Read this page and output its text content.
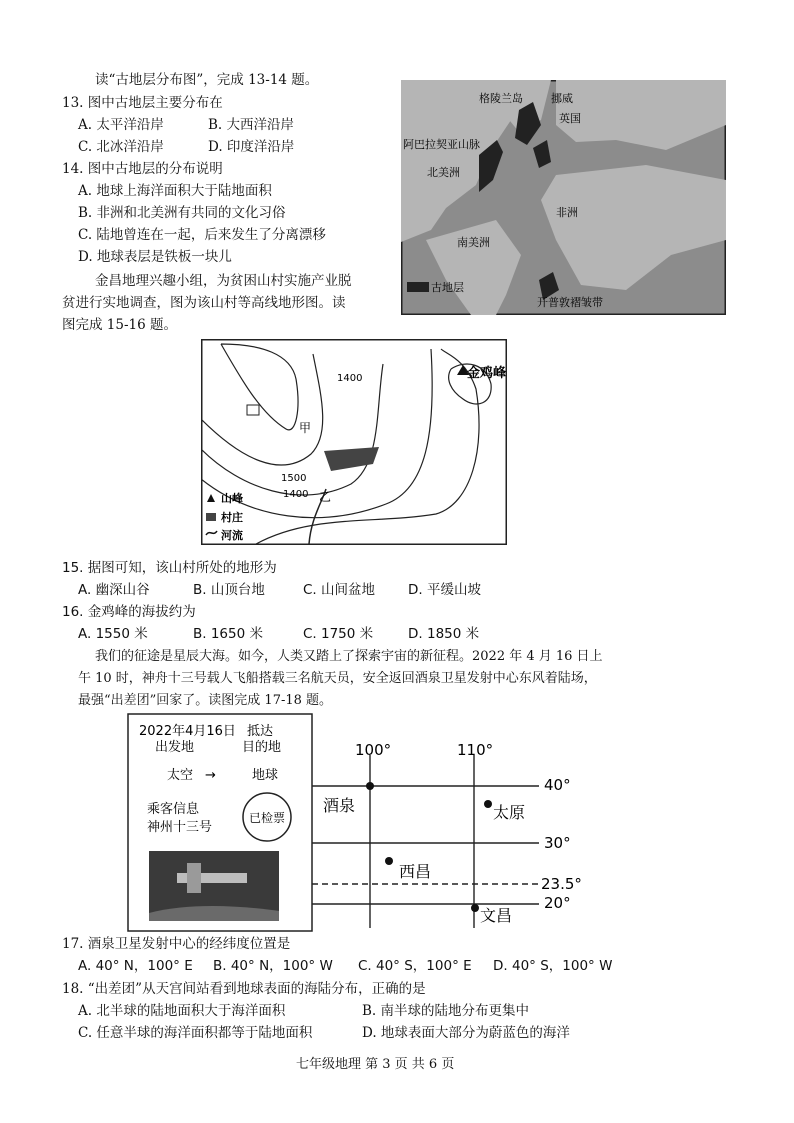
读“古地层分布图”，完成 13-14 题。
13. 图中古地层主要分布在
A. 太平洋沿岸	B. 大西洋沿岸
C. 北冰洋沿岸	D. 印度洋沿岸
14. 图中古地层的分布说明
A. 地球上海洋面积大于陆地面积
B. 非洲和北美洲有共同的文化习俗
C. 陆地曾连在一起，后来发生了分离漂移
D. 地球表层是铁板一块儿
金昌地理兴趣小组，为贫困山村实施产业脱
贫进行实地调查，图为该山村等高线地形图。读
图完成 15-16 题。
格陵兰岛	挪威
英国
阿巴拉契亚山脉
北美洲
非洲
南美洲
古地层
开普敦褶皱带
金鸡峰
1400
1500
1400
甲
乙
山峰
村庄
河流
15. 据图可知，该山村所处的地形为
A. 幽深山谷	B. 山顶台地	C. 山间盆地 D. 平缓山坡
16. 金鸡峰的海拔约为
A. 1550 米	B. 1650 米	C. 1750 米	D. 1850 米
我们的征途是星辰大海。如今，人类又踏上了探索宇宙的新征程。2022 年 4 月 16 日上
午 10 时，神舟十三号载人飞船搭载三名航天员，安全返回酒泉卫星发射中心东风着陆场，
最强“出差团”回家了。读图完成 17-18 题。
2022年4月16日
出发地
抵达
目的地
太空 →	地球
乘客信息
神州十三号
已检票
100°	110°
40°
30°
23.5°
20°
酒泉	太原
西昌
文昌
17. 酒泉卫星发射中心的经纬度位置是
A. 40° N，100° E B. 40° N，100° W C. 40° S，100° E D. 40° S，100° W
18. “出差团”从天宫间站看到地球表面的海陆分布，正确的是
A. 北半球的陆地面积大于海洋面积	B. 南半球的陆地分布更集中
C. 任意半球的海洋面积都等于陆地面积	D. 地球表面大部分为蔚蓝色的海洋
七年级地理 第 3 页 共 6 页
